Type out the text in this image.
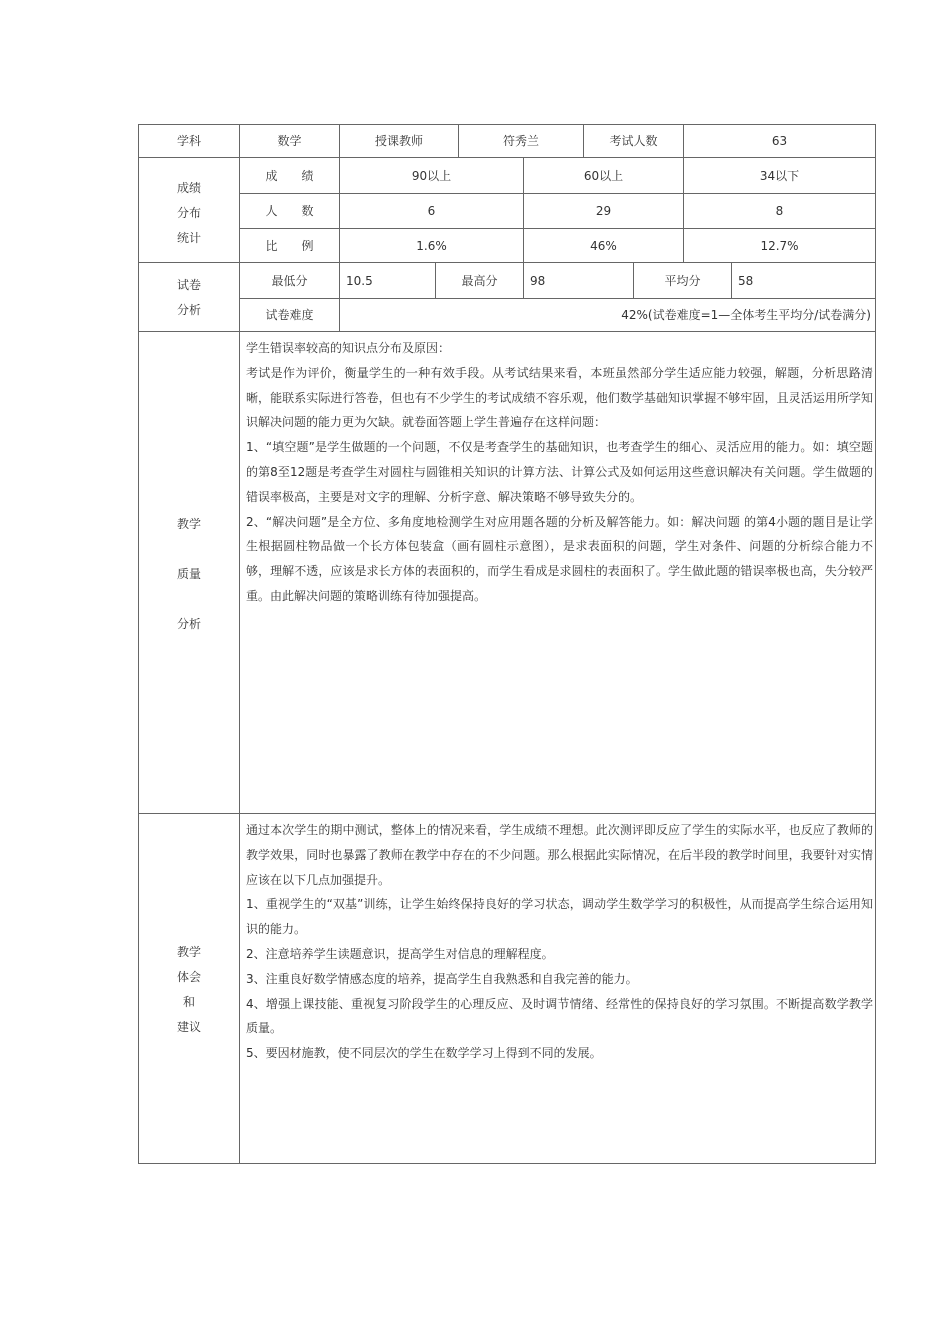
学科	数学	授课教师	符秀兰	考试人数	63
成绩
分布
统计
成　　绩	90以上	60以上	34以下
人　　数	6	29	8
比　　例	1.6%	46%	12.7%
试卷
分析
最低分	10.5	最高分	98	平均分	58
试卷难度	42%(试卷难度=1—全体考生平均分/试卷满分)
教学
质量
分析

学生错误率较高的知识点分布及原因：

考试是作为评价，衡量学生的一种有效手段。从考试结果来看，本班虽然部分学生适应能力较强，解题，分析思路清晰，能联系实际进行答卷，但也有不少学生的考试成绩不容乐观，他们数学基础知识掌握不够牢固，且灵活运用所学知识解决问题的能力更为欠缺。就卷面答题上学生普遍存在这样问题：

1、“填空题”是学生做题的一个问题，不仅是考查学生的基础知识，也考查学生的细心、灵活应用的能力。如：填空题的第8至12题是考查学生对圆柱与圆锥相关知识的计算方法、计算公式及如何运用这些意识解决有关问题。学生做题的错误率极高，主要是对文字的理解、分析字意、解决策略不够导致失分的。

2、“解决问题”是全方位、多角度地检测学生对应用题各题的分析及解答能力。如：解决问题 的第4小题的题目是让学生根据圆柱物品做一个长方体包装盒（画有圆柱示意图），是求表面积的问题，学生对条件、问题的分析综合能力不够，理解不透，应该是求长方体的表面积的，而学生看成是求圆柱的表面积了。学生做此题的错误率极也高，失分较严重。由此解决问题的策略训练有待加强提高。

教学
体会
和
建议

通过本次学生的期中测试，整体上的情况来看，学生成绩不理想。此次测评即反应了学生的实际水平，也反应了教师的教学效果，同时也暴露了教师在教学中存在的不少问题。那么根据此实际情况，在后半段的教学时间里，我要针对实情应该在以下几点加强提升。

1、重视学生的“双基”训练，让学生始终保持良好的学习状态，调动学生数学学习的积极性，从而提高学生综合运用知识的能力。

2、注意培养学生读题意识，提高学生对信息的理解程度。

3、注重良好数学情感态度的培养，提高学生自我熟悉和自我完善的能力。

4、增强上课技能、重视复习阶段学生的心理反应、及时调节情绪、经常性的保持良好的学习氛围。不断提高数学教学质量。

5、要因材施教，使不同层次的学生在数学学习上得到不同的发展。
